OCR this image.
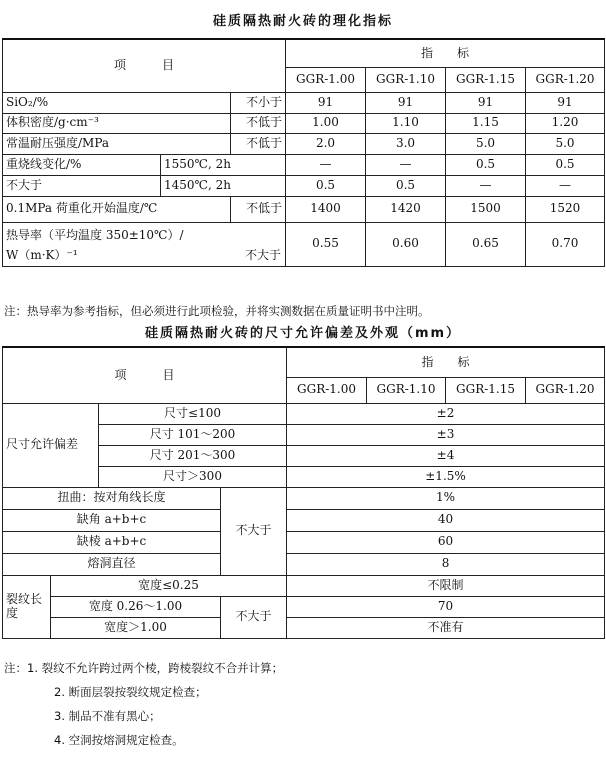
硅质隔热耐火砖的理化指标
项　　　目			指　　标			
			GGR-1.00	GGR-1.10	GGR-1.15	GGR-1.20
SiO₂/%		不小于	91	91	91	91
体积密度/g·cm⁻³		不低于	1.00	1.10	1.15	1.20
常温耐压强度/MPa		不低于	2.0	3.0	5.0	5.0
重烧线变化/%	1550℃, 2h		—	—	0.5	0.5
不大于	1450℃, 2h		0.5	0.5	—	—
0.1MPa 荷重化开始温度/℃		不低于	1400	1420	1500	1520

热导率（平均温度 350±10℃）/
W（m·K）⁻¹ 不大于			0.55	0.60	0.65	0.70
注：热导率为参考指标，但必须进行此项检验，并将实测数据在质量证明书中注明。
硅质隔热耐火砖的尺寸允许偏差及外观（mm）
项　　　目				指　　标			
				GGR-1.00	GGR-1.10	GGR-1.15	GGR-1.20
尺寸允许偏差		尺寸≤100		±2			
		尺寸 101～200		±3			
		尺寸 201～300		±4			
		尺寸＞300		±1.5%			
扭曲：按对角线长度			不大于	1%			
缺角 a+b+c				40			
缺棱 a+b+c				60			
熔洞直径				8			
裂纹长度	宽度≤0.25			不限制			
	宽度 0.26～1.00		不大于	70			
	宽度＞1.00			不准有			
注：1. 裂纹不允许跨过两个棱，跨棱裂纹不合并计算；
2. 断面层裂按裂纹规定检查；
3. 制品不准有黑心；
4. 空洞按熔洞规定检查。
